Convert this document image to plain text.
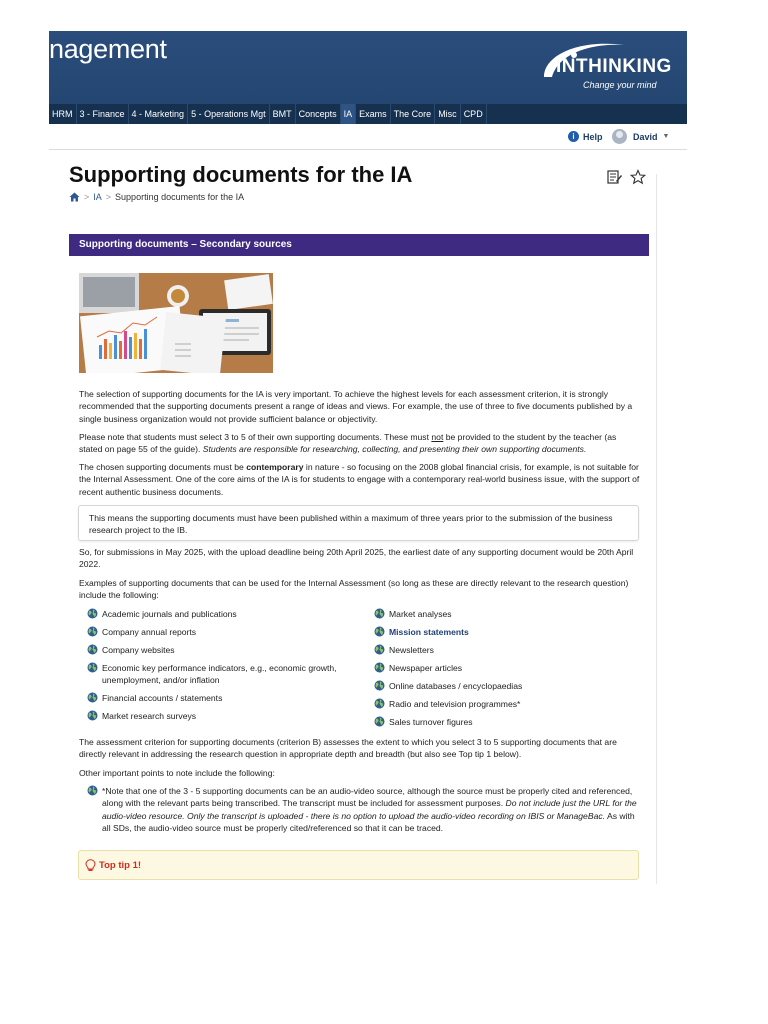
nagement
INTHINKING
Change your mind
HRM 3 - Finance 4 - Marketing 5 - Operations Mgt BMT Concepts IA Exams The Core Misc CPD
i Help	David ▼
Supporting documents for the IA
> IA > Supporting documents for the IA
Supporting documents – Secondary sources

The selection of supporting documents for the IA is very important. To achieve the highest levels for each assessment criterion, it is strongly recommended that the supporting documents present a range of ideas and views. For example, the use of three to five documents published by a single business organization would not provide sufficient balance or objectivity.

Please note that students must select 3 to 5 of their own supporting documents. These must not be provided to the student by the teacher (as stated on page 55 of the guide). Students are responsible for researching, collecting, and presenting their own supporting documents.

The chosen supporting documents must be contemporary in nature - so focusing on the 2008 global financial crisis, for example, is not suitable for the Internal Assessment. One of the core aims of the IA is for students to engage with a contemporary real-world business issue, with the support of recent authentic business documents.

This means the supporting documents must have been published within a maximum of three years prior to the submission of the business research project to the IB.

So, for submissions in May 2025, with the upload deadline being 20th April 2025, the earliest date of any supporting document would be 20th April 2022.

Examples of supporting documents that can be used for the Internal Assessment (so long as these are directly relevant to the research question) include the following:

Academic journals and publications
Company annual reports
Company websites
Economic key performance indicators, e.g., economic growth, unemployment, and/or inflation
Financial accounts / statements
Market research surveys
Market analyses
Mission statements
Newsletters
Newspaper articles
Online databases / encyclopaedias
Radio and television programmes*
Sales turnover figures

The assessment criterion for supporting documents (criterion B) assesses the extent to which you select 3 to 5 supporting documents that are directly relevant in addressing the research question in appropriate depth and breadth (but also see Top tip 1 below).

Other important points to note include the following:

*Note that one of the 3 - 5 supporting documents can be an audio-video source, although the source must be properly cited and referenced, along with the relevant parts being transcribed. The transcript must be included for assessment purposes. Do not include just the URL for the audio-video resource. Only the transcript is uploaded - there is no option to upload the audio-video recording on IBIS or ManageBac. As with all SDs, the audio-video source must be properly cited/referenced so that it can be traced.
Top tip 1!
